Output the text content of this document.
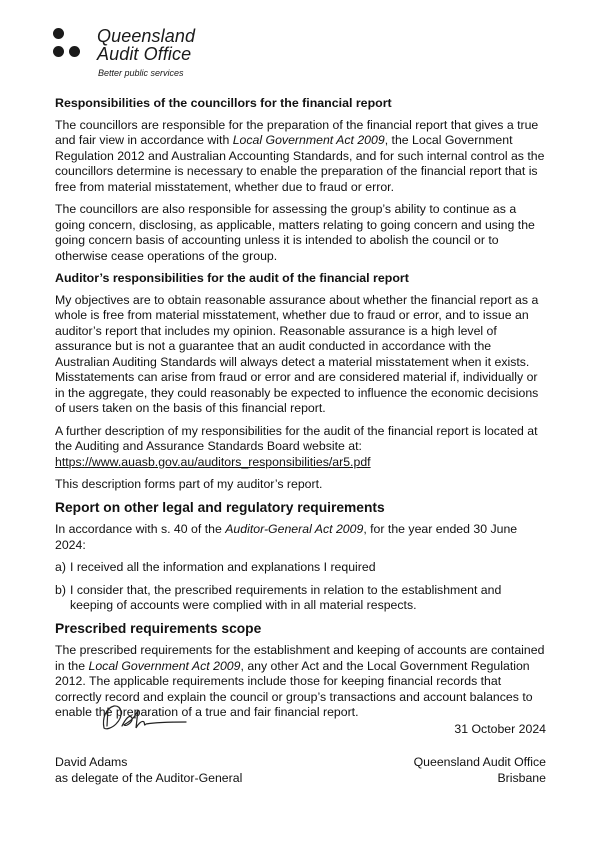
Queensland
Audit Office
Better public services
Responsibilities of the councillors for the financial report

The councillors are responsible for the preparation of the financial report that gives a true and fair view in accordance with Local Government Act 2009, the Local Government Regulation 2012 and Australian Accounting Standards, and for such internal control as the councillors determine is necessary to enable the preparation of the financial report that is free from material misstatement, whether due to fraud or error.

The councillors are also responsible for assessing the group’s ability to continue as a going concern, disclosing, as applicable, matters relating to going concern and using the going concern basis of accounting unless it is intended to abolish the council or to otherwise cease operations of the group.

Auditor’s responsibilities for the audit of the financial report

My objectives are to obtain reasonable assurance about whether the financial report as a whole is free from material misstatement, whether due to fraud or error, and to issue an auditor’s report that includes my opinion. Reasonable assurance is a high level of assurance but is not a guarantee that an audit conducted in accordance with the Australian Auditing Standards will always detect a material misstatement when it exists. Misstatements can arise from fraud or error and are considered material if, individually or in the aggregate, they could reasonably be expected to influence the economic decisions of users taken on the basis of this financial report.

A further description of my responsibilities for the audit of the financial report is located at the Auditing and Assurance Standards Board website at:
https://www.auasb.gov.au/auditors_responsibilities/ar5.pdf

This description forms part of my auditor’s report.

Report on other legal and regulatory requirements

In accordance with s. 40 of the Auditor-General Act 2009, for the year ended 30 June 2024:

a) I received all the information and explanations I required
b) I consider that, the prescribed requirements in relation to the establishment and keeping of accounts were complied with in all material respects.
Prescribed requirements scope

The prescribed requirements for the establishment and keeping of accounts are contained in the Local Government Act 2009, any other Act and the Local Government Regulation 2012. The applicable requirements include those for keeping financial records that correctly record and explain the council or group’s transactions and account balances to enable the preparation of a true and fair financial report.

31 October 2024
David Adams
as delegate of the Auditor-General
Queensland Audit Office
Brisbane
